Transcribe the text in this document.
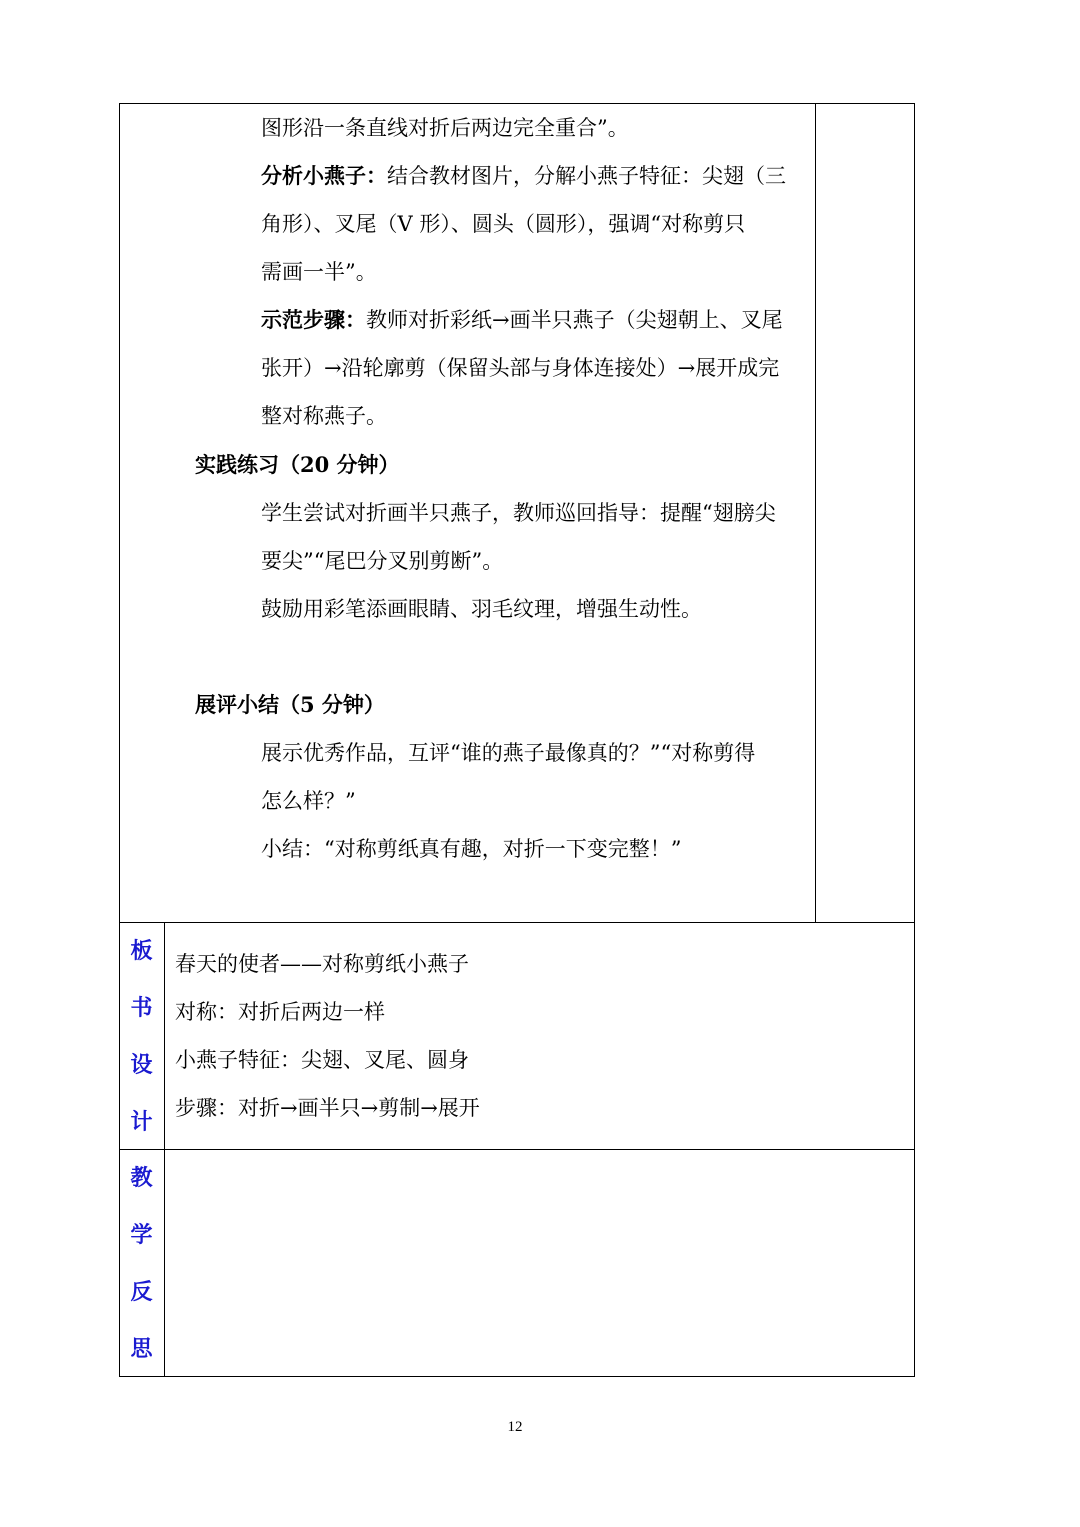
图形沿一条直线对折后两边完全重合”。
分析小燕子：结合教材图片，分解小燕子特征：尖翅（三
角形）、叉尾（V 形）、圆头（圆形），强调“对称剪只
需画一半”。
示范步骤：教师对折彩纸→画半只燕子（尖翅朝上、叉尾
张开）→沿轮廓剪（保留头部与身体连接处）→展开成完
整对称燕子。
实践练习（20 分钟）
学生尝试对折画半只燕子，教师巡回指导：提醒“翅膀尖
要尖”“尾巴分叉别剪断”。
鼓励用彩笔添画眼睛、羽毛纹理，增强生动性。
展评小结（5 分钟）
展示优秀作品，互评“谁的燕子最像真的？”“对称剪得
怎么样？”
小结：“对称剪纸真有趣，对折一下变完整！”
板
书
设
计
春天的使者——对称剪纸小燕子
对称：对折后两边一样
小燕子特征：尖翅、叉尾、圆身
步骤：对折→画半只→剪制→展开
教
学
反
思
12
